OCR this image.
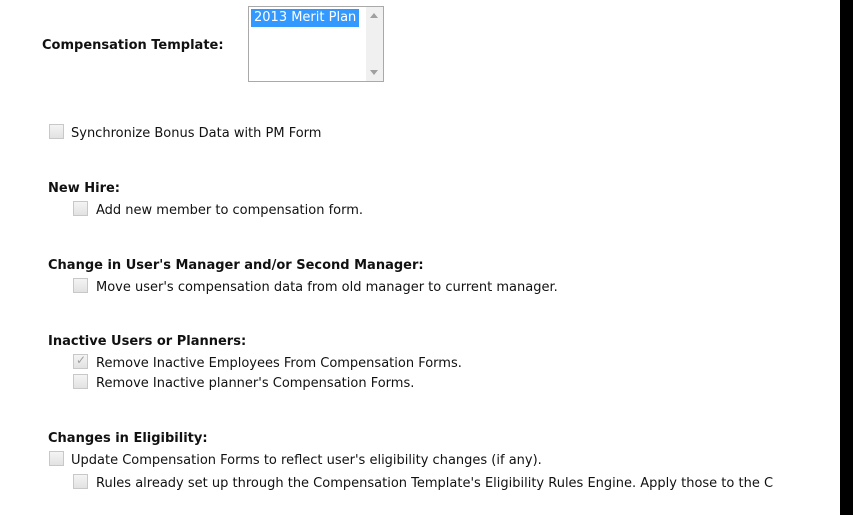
Compensation Template:
2013 Merit Plan
Synchronize Bonus Data with PM Form
New Hire:
Add new member to compensation form.
Change in User's Manager and/or Second Manager:
Move user's compensation data from old manager to current manager.
Inactive Users or Planners:
✓ Remove Inactive Employees From Compensation Forms.
Remove Inactive planner's Compensation Forms.
Changes in Eligibility:
Update Compensation Forms to reflect user's eligibility changes (if any).
Rules already set up through the Compensation Template's Eligibility Rules Engine. Apply those to the C
